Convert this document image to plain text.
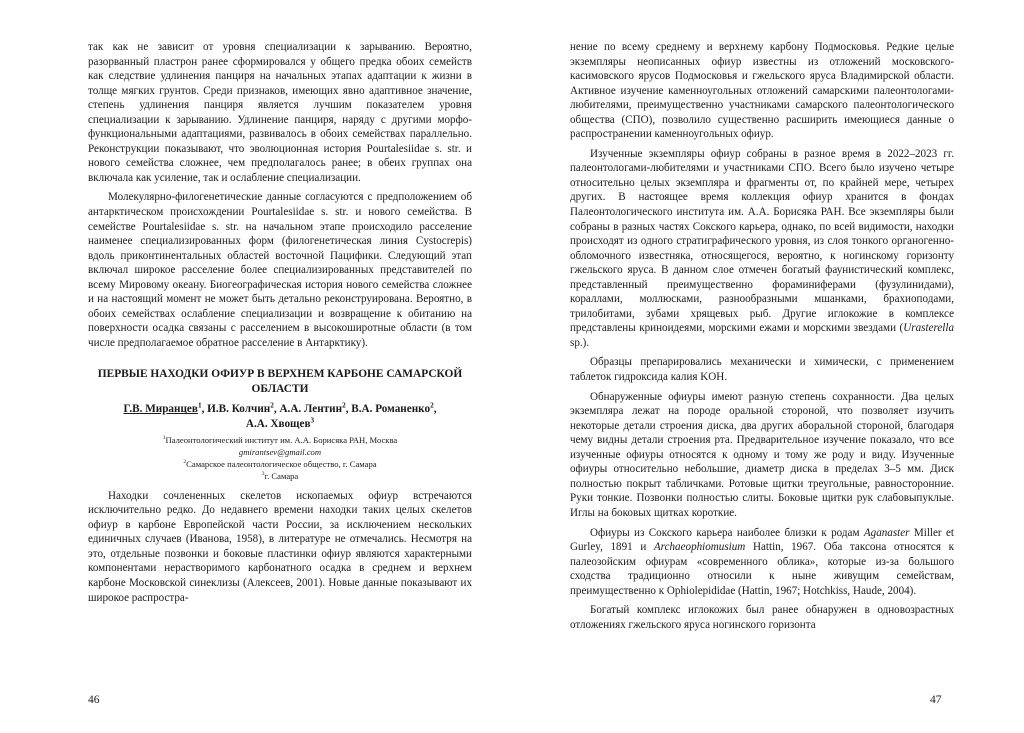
так как не зависит от уровня специализации к зарыванию. Вероятно, разорванный пластрон ранее сформировался у общего предка обоих семейств как следствие удлинения панциря на начальных этапах адаптации к жизни в толще мягких грунтов. Среди признаков, имеющих явно адаптивное значение, степень удлинения панциря является лучшим показателем уровня специализации к зарыванию. Удлинение панциря, наряду с другими морфо-функциональными адаптациями, развивалось в обоих семействах параллельно. Реконструкции показывают, что эволюционная история Pourtalesiidae s. str. и нового семейства сложнее, чем предполагалось ранее; в обеих группах она включала как усиление, так и ослабление специализации.

Молекулярно-филогенетические данные согласуются с предположением об антарктическом происхождении Pourtalesiidae s. str. и нового семейства. В семействе Pourtalesiidae s. str. на начальном этапе происходило расселение наименее специализированных форм (филогенетическая линия Cystocrepis) вдоль приконтинентальных областей восточной Пацифики. Следующий этап включал широкое расселение более специализированных представителей по всему Мировому океану. Биогеографическая история нового семейства сложнее и на настоящий момент не может быть детально реконструирована. Вероятно, в обоих семействах ослабление специализации и возвращение к обитанию на поверхности осадка связаны с расселением в высокоширотные области (в том числе предполагаемое обратное расселение в Антарктику).

ПЕРВЫЕ НАХОДКИ ОФИУР В ВЕРХНЕМ КАРБОНЕ САМАРСКОЙ ОБЛАСТИ
Г.В. Миранцев$^1$, И.В. Колчин$^2$, А.А. Лентин$^2$, В.А. Романенко$^2$,
А.А. Хвощев$^3$
$^1$Палеонтологический институт им. А.А. Борисяка РАН, Москва
gmirantsev@gmail.com
$^2$Самарское палеонтологическое общество, г. Самара
$^3$г. Самара

Находки сочлененных скелетов ископаемых офиур встречаются исключительно редко. До недавнего времени находки таких целых скелетов офиур в карбоне Европейской части России, за исключением нескольких единичных случаев (Иванова, 1958), в литературе не отмечались. Несмотря на это, отдельные позвонки и боковые пластинки офиур являются характерными компонентами нерастворимого карбонатного осадка в среднем и верхнем карбоне Московской синеклизы (Алексеев, 2001). Новые данные показывают их широкое распростра-

нение по всему среднему и верхнему карбону Подмосковья. Редкие целые экземпляры неописанных офиур известны из отложений московского-касимовского ярусов Подмосковья и гжельского яруса Владимирской области. Активное изучение каменноугольных отложений самарскими палеонтологами-любителями, преимущественно участниками самарского палеонтологического общества (СПО), позволило существенно расширить имеющиеся данные о распространении каменноугольных офиур.

Изученные экземпляры офиур собраны в разное время в 2022–2023 гг. палеонтологами-любителями и участниками СПО. Всего было изучено четыре относительно целых экземпляра и фрагменты от, по крайней мере, четырех других. В настоящее время коллекция офиур хранится в фондах Палеонтологического института им. А.А. Борисяка РАН. Все экземпляры были собраны в разных частях Сокского карьера, однако, по всей видимости, находки происходят из одного стратиграфического уровня, из слоя тонкого органогенно-обломочного известняка, относящегося, вероятно, к ногинскому горизонту гжельского яруса. В данном слое отмечен богатый фаунистический комплекс, представленный преимущественно фораминиферами (фузулинидами), кораллами, моллюсками, разнообразными мшанками, брахиоподами, трилобитами, зубами хрящевых рыб. Другие иглокожие в комплексе представлены криноидеями, морскими ежами и морскими звездами (Urasterella sp.).

Образцы препарировались механически и химически, с применением таблеток гидроксида калия KOH.

Обнаруженные офиуры имеют разную степень сохранности. Два целых экземпляра лежат на породе оральной стороной, что позволяет изучить некоторые детали строения диска, два других аборальной стороной, благодаря чему видны детали строения рта. Предварительное изучение показало, что все изученные офиуры относятся к одному и тому же роду и виду. Изученные офиуры относительно небольшие, диаметр диска в пределах 3–5 мм. Диск полностью покрыт табличками. Ротовые щитки треугольные, равносторонние. Руки тонкие. Позвонки полностью слиты. Боковые щитки рук слабовыпуклые. Иглы на боковых щитках короткие.

Офиуры из Сокского карьера наиболее близки к родам Aganaster Miller et Gurley, 1891 и Archaeophiomusium Hattin, 1967. Оба таксона относятся к палеозойским офиурам «современного облика», которые из-за большого сходства традиционно относили к ныне живущим семействам, преимущественно к Ophiolepididae (Hattin, 1967; Hotchkiss, Haude, 2004).

Богатый комплекс иглокожих был ранее обнаружен в одновозрастных отложениях гжельского яруса ногинского горизонта

46	47
